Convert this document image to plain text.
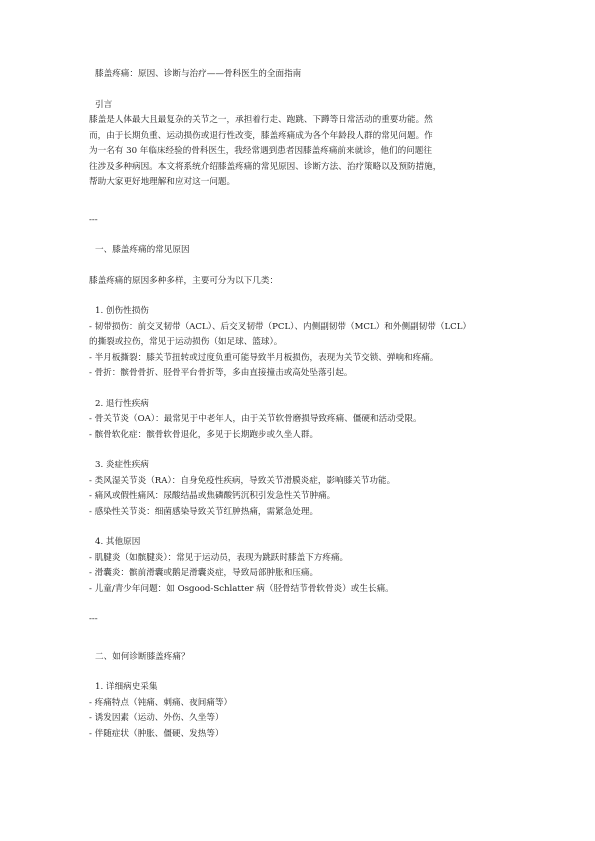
膝盖疼痛：原因、诊断与治疗——骨科医生的全面指南
引言
膝盖是人体最大且最复杂的关节之一，承担着行走、跑跳、下蹲等日常活动的重要功能。然
而，由于长期负重、运动损伤或退行性改变，膝盖疼痛成为各个年龄段人群的常见问题。作
为一名有 30 年临床经验的骨科医生，我经常遇到患者因膝盖疼痛前来就诊，他们的问题往
往涉及多种病因。本文将系统介绍膝盖疼痛的常见原因、诊断方法、治疗策略以及预防措施，
帮助大家更好地理解和应对这一问题。
---
一、膝盖疼痛的常见原因
膝盖疼痛的原因多种多样，主要可分为以下几类：
1. 创伤性损伤
- 韧带损伤：前交叉韧带（ACL）、后交叉韧带（PCL）、内侧副韧带（MCL）和外侧副韧带（LCL）
的撕裂或拉伤，常见于运动损伤（如足球、篮球）。
- 半月板撕裂：膝关节扭转或过度负重可能导致半月板损伤，表现为关节交锁、弹响和疼痛。
- 骨折：髌骨骨折、胫骨平台骨折等，多由直接撞击或高处坠落引起。
2. 退行性疾病
- 骨关节炎（OA）：最常见于中老年人，由于关节软骨磨损导致疼痛、僵硬和活动受限。
- 髌骨软化症：髌骨软骨退化，多见于长期跑步或久坐人群。
3. 炎症性疾病
- 类风湿关节炎（RA）：自身免疫性疾病，导致关节滑膜炎症，影响膝关节功能。
- 痛风或假性痛风：尿酸结晶或焦磷酸钙沉积引发急性关节肿痛。
- 感染性关节炎：细菌感染导致关节红肿热痛，需紧急处理。
4. 其他原因
- 肌腱炎（如髌腱炎）：常见于运动员，表现为跳跃时膝盖下方疼痛。
- 滑囊炎：髌前滑囊或鹅足滑囊炎症，导致局部肿胀和压痛。
- 儿童/青少年问题：如 Osgood-Schlatter 病（胫骨结节骨软骨炎）或生长痛。
---
二、如何诊断膝盖疼痛？
1. 详细病史采集
- 疼痛特点（钝痛、刺痛、夜间痛等）
- 诱发因素（运动、外伤、久坐等）
- 伴随症状（肿胀、僵硬、发热等）
